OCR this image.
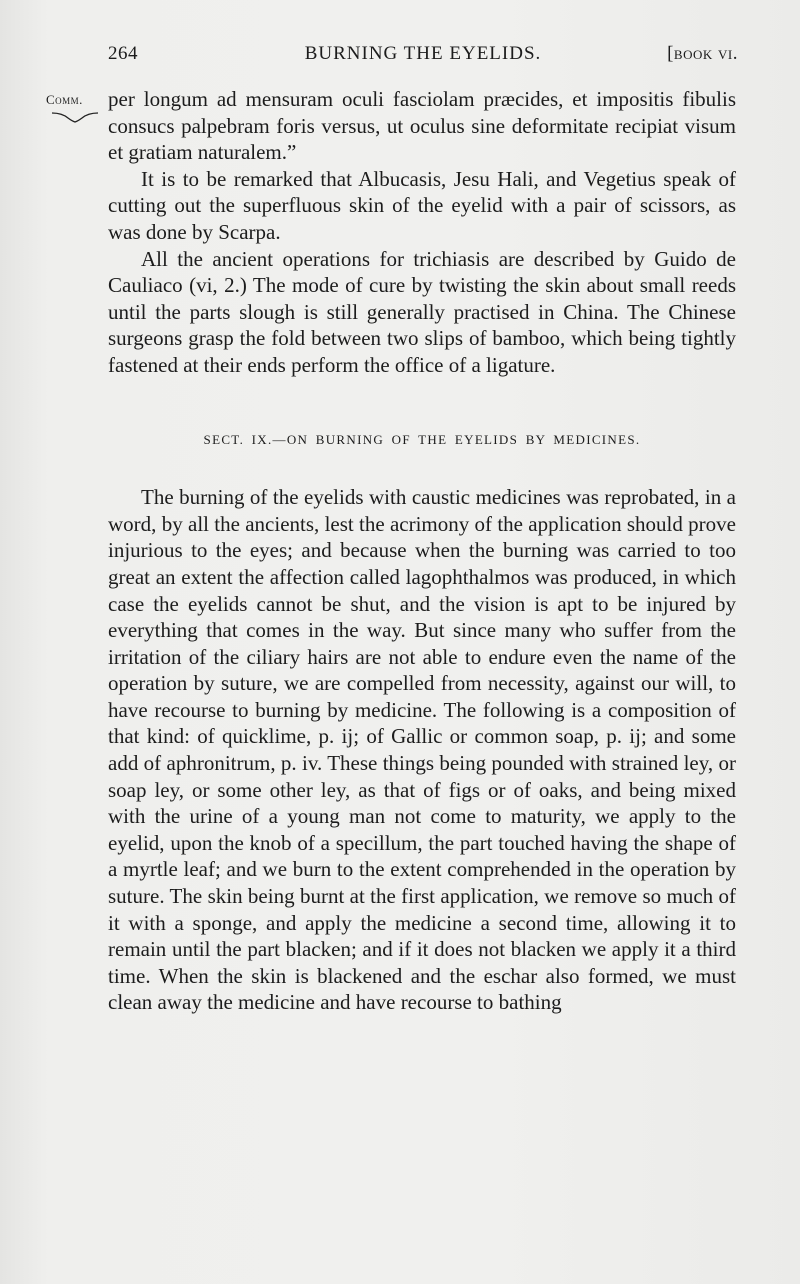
264	BURNING THE EYELIDS.	[book vi.
Comm. per longum ad mensuram oculi fasciolam præcides, et impositis fibulis consucs palpebram foris versus, ut oculus sine deformitate recipiat visum et gratiam naturalem.”

It is to be remarked that Albucasis, Jesu Hali, and Vegetius speak of cutting out the superfluous skin of the eyelid with a pair of scissors, as was done by Scarpa.

All the ancient operations for trichiasis are described by Guido de Cauliaco (vi, 2.) The mode of cure by twisting the skin about small reeds until the parts slough is still generally practised in China. The Chinese surgeons grasp the fold between two slips of bamboo, which being tightly fastened at their ends perform the office of a ligature.

SECT. IX.—ON BURNING OF THE EYELIDS BY MEDICINES.

The burning of the eyelids with caustic medicines was reprobated, in a word, by all the ancients, lest the acrimony of the application should prove injurious to the eyes; and because when the burning was carried to too great an extent the affection called lagophthalmos was produced, in which case the eyelids cannot be shut, and the vision is apt to be injured by everything that comes in the way. But since many who suffer from the irritation of the ciliary hairs are not able to endure even the name of the operation by suture, we are compelled from necessity, against our will, to have recourse to burning by medicine. The following is a composition of that kind: of quicklime, p. ij; of Gallic or common soap, p. ij; and some add of aphronitrum, p. iv. These things being pounded with strained ley, or soap ley, or some other ley, as that of figs or of oaks, and being mixed with the urine of a young man not come to maturity, we apply to the eyelid, upon the knob of a specillum, the part touched having the shape of a myrtle leaf; and we burn to the extent comprehended in the operation by suture. The skin being burnt at the first application, we remove so much of it with a sponge, and apply the medicine a second time, allowing it to remain until the part blacken; and if it does not blacken we apply it a third time. When the skin is blackened and the eschar also formed, we must clean away the medicine and have recourse to bathing
